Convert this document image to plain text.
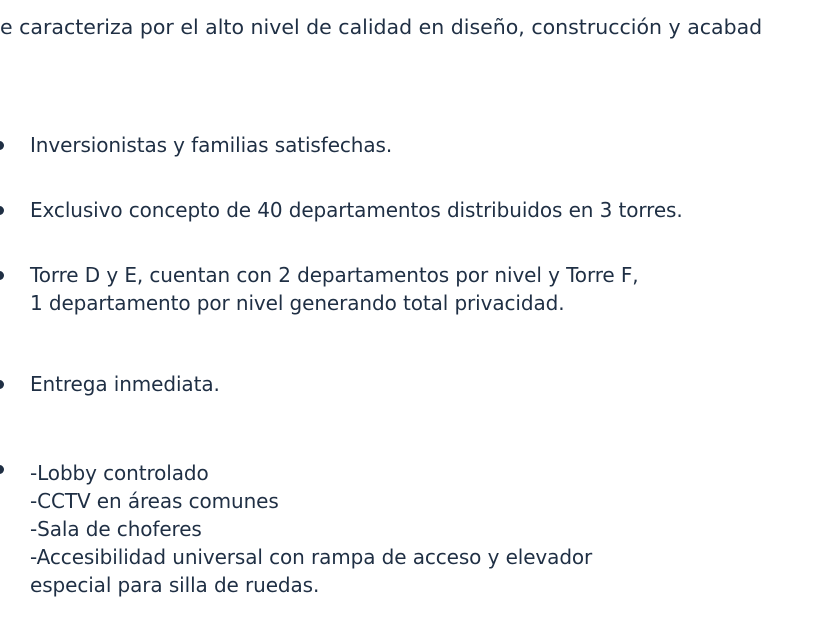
e caracteriza por el alto nivel de calidad en diseño, construcción y acabad
Inversionistas y familias satisfechas.
Exclusivo concepto de 40 departamentos distribuidos en 3 torres.
Torre D y E, cuentan con 2 departamentos por nivel y Torre F,
1 departamento por nivel generando total privacidad.
Entrega inmediata.
-Lobby controlado
-CCTV en áreas comunes
-Sala de choferes
-Accesibilidad universal con rampa de acceso y elevador
especial para silla de ruedas.
